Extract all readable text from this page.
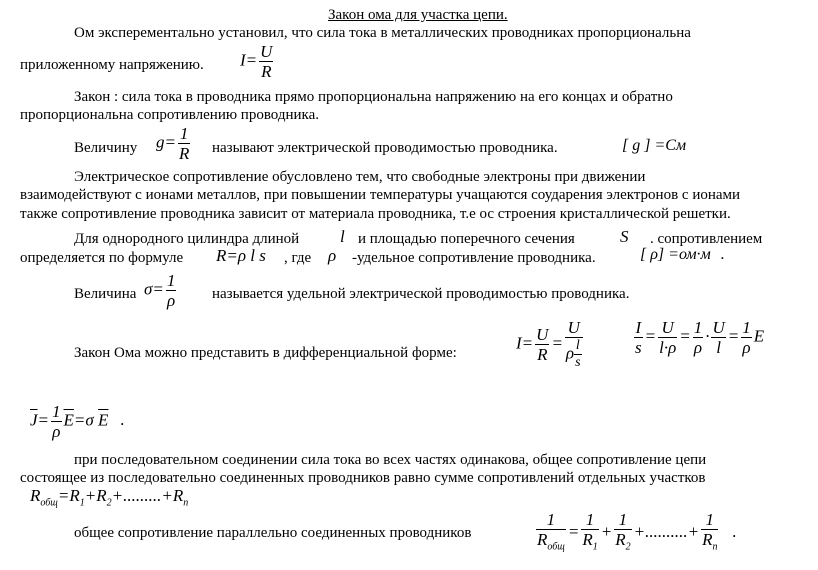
Закон ома для участка цепи.
Ом эксперементально установил, что сила тока в металлических проводниках пропорциональна
приложенному напряжению. $I= \frac{U}{R}$
Закон : сила тока в проводника прямо пропорциональна напряжению на его концах и обратно
пропорциональна сопротивлению проводника.
Величину $g= \frac{1}{R}$ называют электрической проводимостью проводника.	[ g ] =См
Электрическое сопротивление обусловлено тем, что свободные электроны при движении
взаимодействуют с ионами металлов, при повышении температуры учащаются соударения электронов с ионами
также сопротивление проводника зависит от материала проводника, т.е ос строения кристаллической решетки.
Для однородного цилиндра длиной l и площадью поперечного сечения	S . сопротивлением
определяется по формуле R=ρ l s , где ρ -удельное сопротивление проводника.	[ ρ] =ом·м .
Величина $\sigma= \frac{1}{\rho}$ называется удельной электрической проводимостью проводника.
Закон Ома можно представить в дифференциальной форме:
$I= \frac{U}{R}$ =
U
ρ $\frac{l}{s}$	$\frac{I}{s} = \frac{U}{l\cdot\rho} = \frac{1}{\rho} \cdot \frac{U}{l} = \frac{1}{\rho}$ E
$\overline{J}= \frac{1}{\rho} \overline{E}=\sigma$ $\overline{E}$ .
при последовательном соединении сила тока во всех частях одинакова, общее сопротивление цепи
состоящее из последовательно соединенных проводников равно сумме сопротивлений отдельных участков
$R_{общ}=R_1+R_2+.........+R_n$
общее сопротивление параллельно соединенных проводников
1
$R_{общ}$
= $\frac{1}{R_1} + \frac{1}{R_2}$ +..........+ $\frac{1}{R_n}$ .
